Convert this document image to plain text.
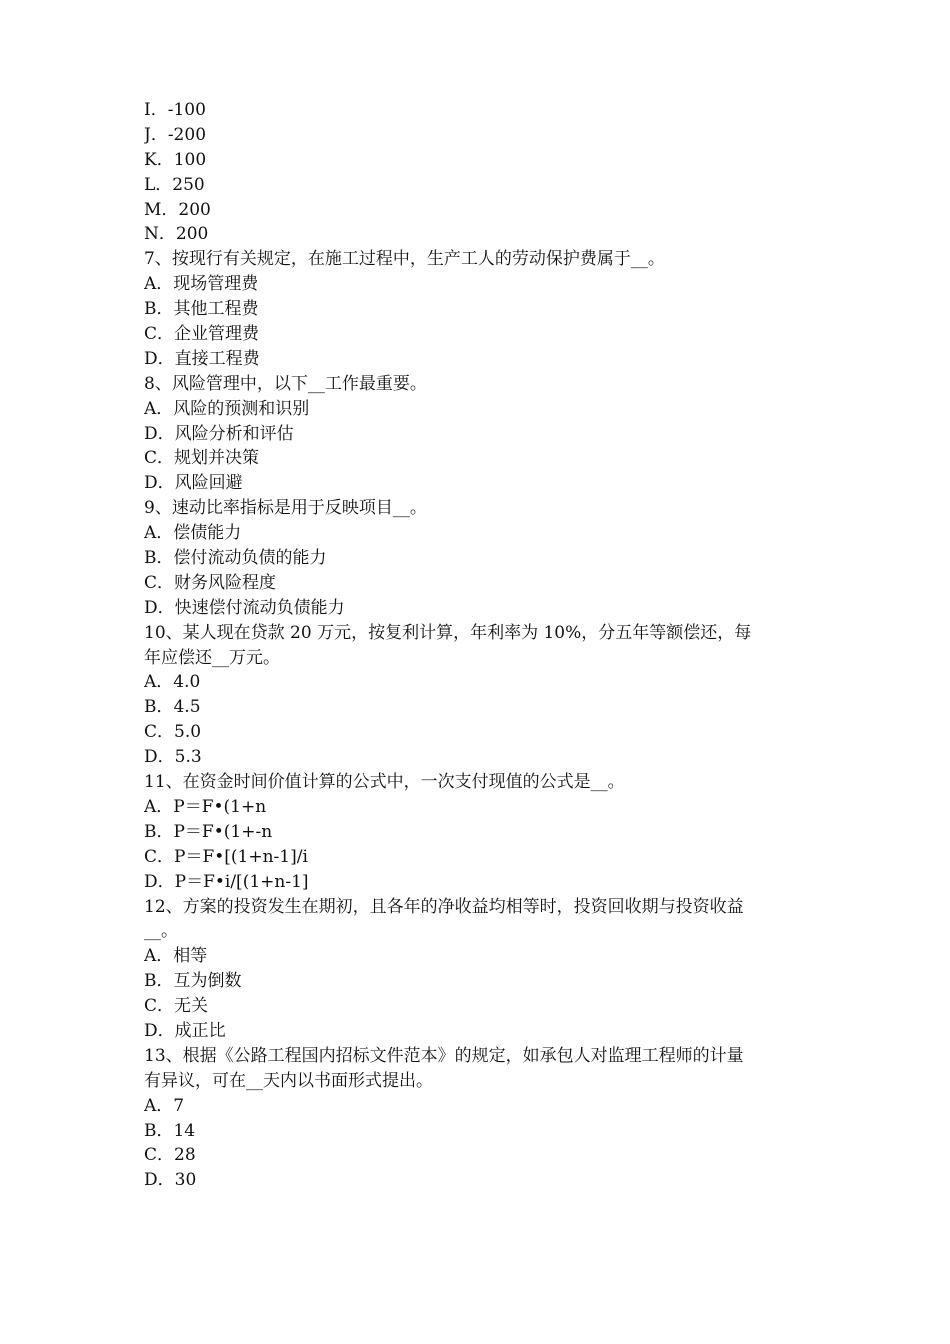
I．-100
J．-200
K．100
L．250
M．200
N．200
7、按现行有关规定，在施工过程中，生产工人的劳动保护费属于__。
A．现场管理费
B．其他工程费
C．企业管理费
D．直接工程费
8、风险管理中，以下__工作最重要。
A．风险的预测和识别
D．风险分析和评估
C．规划并决策
D．风险回避
9、速动比率指标是用于反映项目__。
A．偿债能力
B．偿付流动负债的能力
C．财务风险程度
D．快速偿付流动负债能力
10、某人现在贷款 20 万元，按复利计算，年利率为 10%，分五年等额偿还，每
年应偿还__万元。
A．4.0
B．4.5
C．5.0
D．5.3
11、在资金时间价值计算的公式中，一次支付现值的公式是__。
A．P＝F•(1+n
B．P＝F•(1+-n
C．P＝F•[(1+n-1]/i
D．P＝F•i/[(1+n-1]
12、方案的投资发生在期初，且各年的净收益均相等时，投资回收期与投资收益
__。
A．相等
B．互为倒数
C．无关
D．成正比
13、根据《公路工程国内招标文件范本》的规定，如承包人对监理工程师的计量
有异议，可在__天内以书面形式提出。
A．7
B．14
C．28
D．30
